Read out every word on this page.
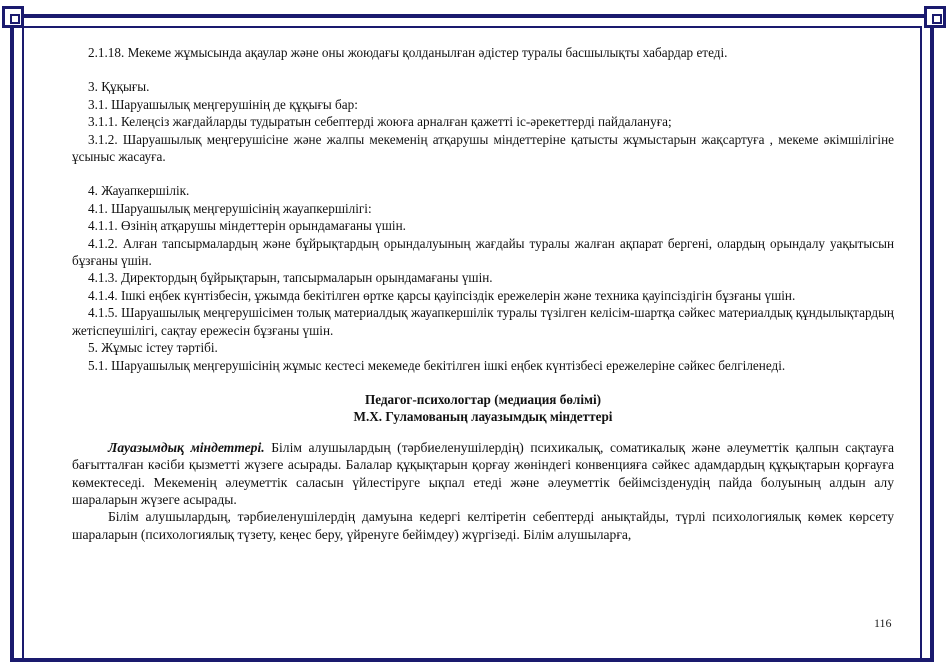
2.1.18. Мекеме жұмысында ақаулар және оны жоюдағы қолданылған әдістер туралы басшылықты хабардар етеді.

3. Құқығы.

3.1. Шаруашылық меңгерушінің де құқығы бар:

3.1.1. Келеңсіз жағдайларды тудыратын себептерді жоюға арналған қажетті іс-әрекеттерді пайдалануға;

3.1.2. Шаруашылық меңгерушісіне және жалпы мекеменің атқарушы міндеттеріне қатысты жұмыстарын жақсартуға , мекеме әкімшілігіне ұсыныс жасауға.

4. Жауапкершілік.

4.1. Шаруашылық меңгерушісінің жауапкершілігі:

4.1.1. Өзінің атқарушы міндеттерін орындамағаны үшін.

4.1.2. Алған тапсырмалардың және бұйрықтардың орындалуының жағдайы туралы жалған ақпарат бергені, олардың орындалу уақытысын бұзғаны үшін.

4.1.3. Директордың бұйрықтарын, тапсырмаларын орындамағаны үшін.

4.1.4. Ішкі еңбек күнтізбесін, ұжымда бекітілген өртке қарсы қауіпсіздік ережелерін және техника қауіпсіздігін бұзғаны үшін.

4.1.5. Шаруашылық меңгерушісімен толық материалдық жауапкершілік туралы түзілген келісім-шартқа сәйкес материалдық құндылықтардың жетіспеушілігі, сақтау ережесін бұзғаны үшін.

5. Жұмыс істеу тәртібі.

5.1. Шаруашылық меңгерушісінің жұмыс кестесі мекемеде бекітілген ішкі еңбек күнтізбесі ережелеріне сәйкес белгіленеді.

Педагог-психологтар (медиация бөлімі)

М.Х. Гуламованың лауазымдық міндеттері

Лауазымдық міндеттері. Білім алушылардың (тәрбиеленушілердің) психикалық, соматикалық және әлеуметтік қалпын сақтауға бағытталған кәсіби қызметті жүзеге асырады. Балалар құқықтарын қорғау жөніндегі конвенцияға сәйкес адамдардың құқықтарын қорғауға көмектеседі. Мекеменің әлеуметтік саласын үйлестіруге ықпал етеді және әлеуметтік бейімсізденудің пайда болуының алдын алу шараларын жүзеге асырады.

Білім алушылардың, тәрбиеленушілердің дамуына кедергі келтіретін себептерді анықтайды, түрлі психологиялық көмек көрсету шараларын (психологиялық түзету, кеңес беру, үйренуге бейімдеу) жүргізеді. Білім алушыларға,

116
